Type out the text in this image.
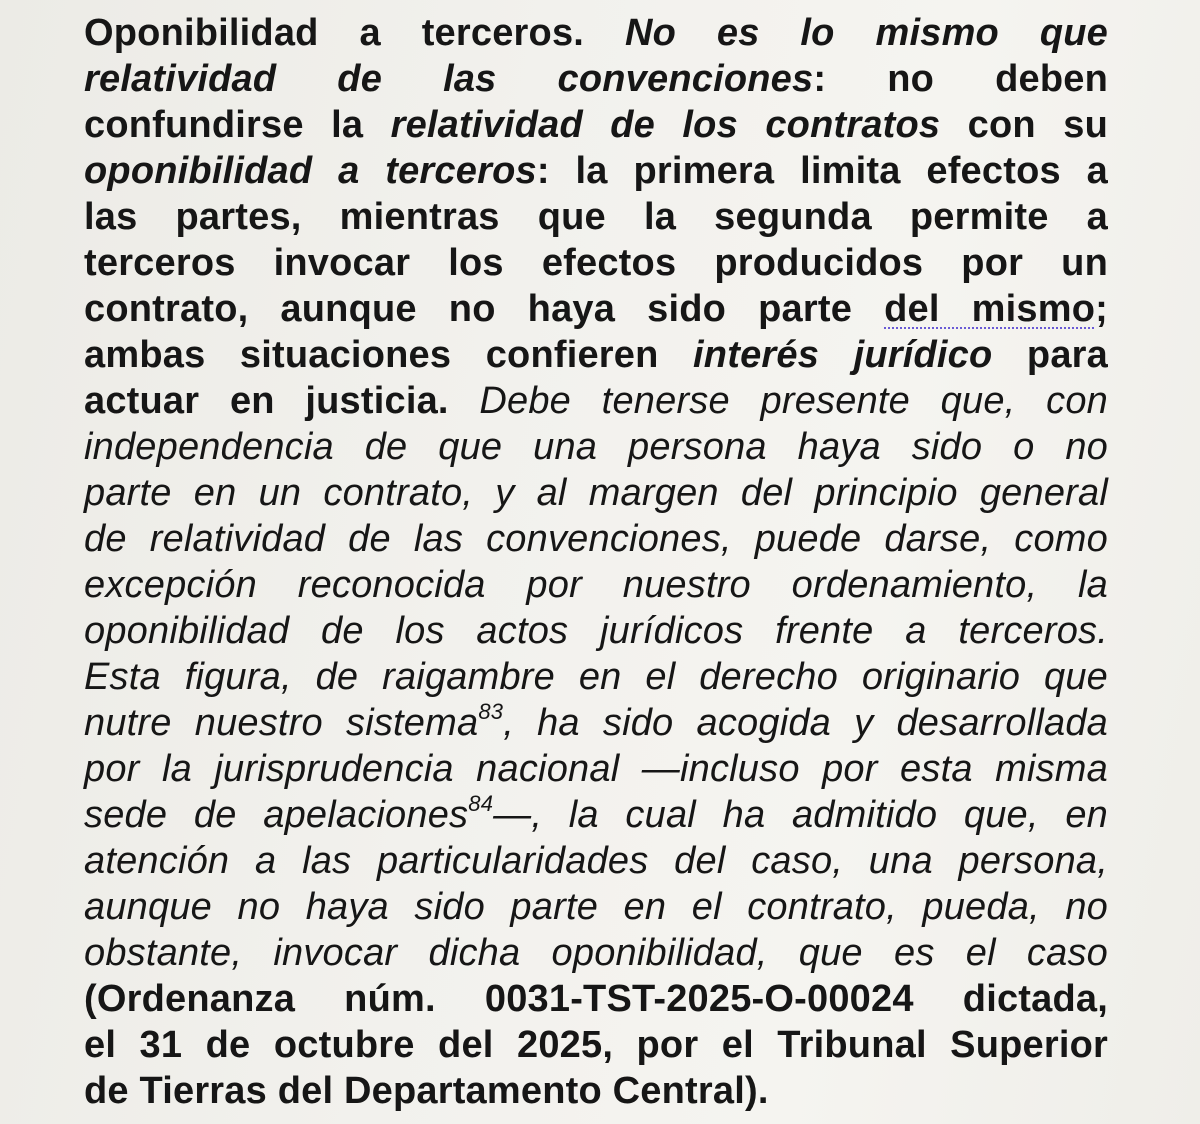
Oponibilidad a terceros. No es lo mismo que
relatividad de las convenciones: no deben
confundirse la relatividad de los contratos con su
oponibilidad a terceros: la primera limita efectos a
las partes, mientras que la segunda permite a
terceros invocar los efectos producidos por un
contrato, aunque no haya sido parte del mismo;
ambas situaciones confieren interés jurídico para
actuar en justicia. Debe tenerse presente que, con
independencia de que una persona haya sido o no
parte en un contrato, y al margen del principio general
de relatividad de las convenciones, puede darse, como
excepción reconocida por nuestro ordenamiento, la
oponibilidad de los actos jurídicos frente a terceros.
Esta figura, de raigambre en el derecho originario que
nutre nuestro sistema$^{83}$, ha sido acogida y desarrollada
por la jurisprudencia nacional —incluso por esta misma
sede de apelaciones$^{84}$—, la cual ha admitido que, en
atención a las particularidades del caso, una persona,
aunque no haya sido parte en el contrato, pueda, no
obstante, invocar dicha oponibilidad, que es el caso
(Ordenanza núm. 0031-TST-2025-O-00024 dictada,
el 31 de octubre del 2025, por el Tribunal Superior
de Tierras del Departamento Central).
